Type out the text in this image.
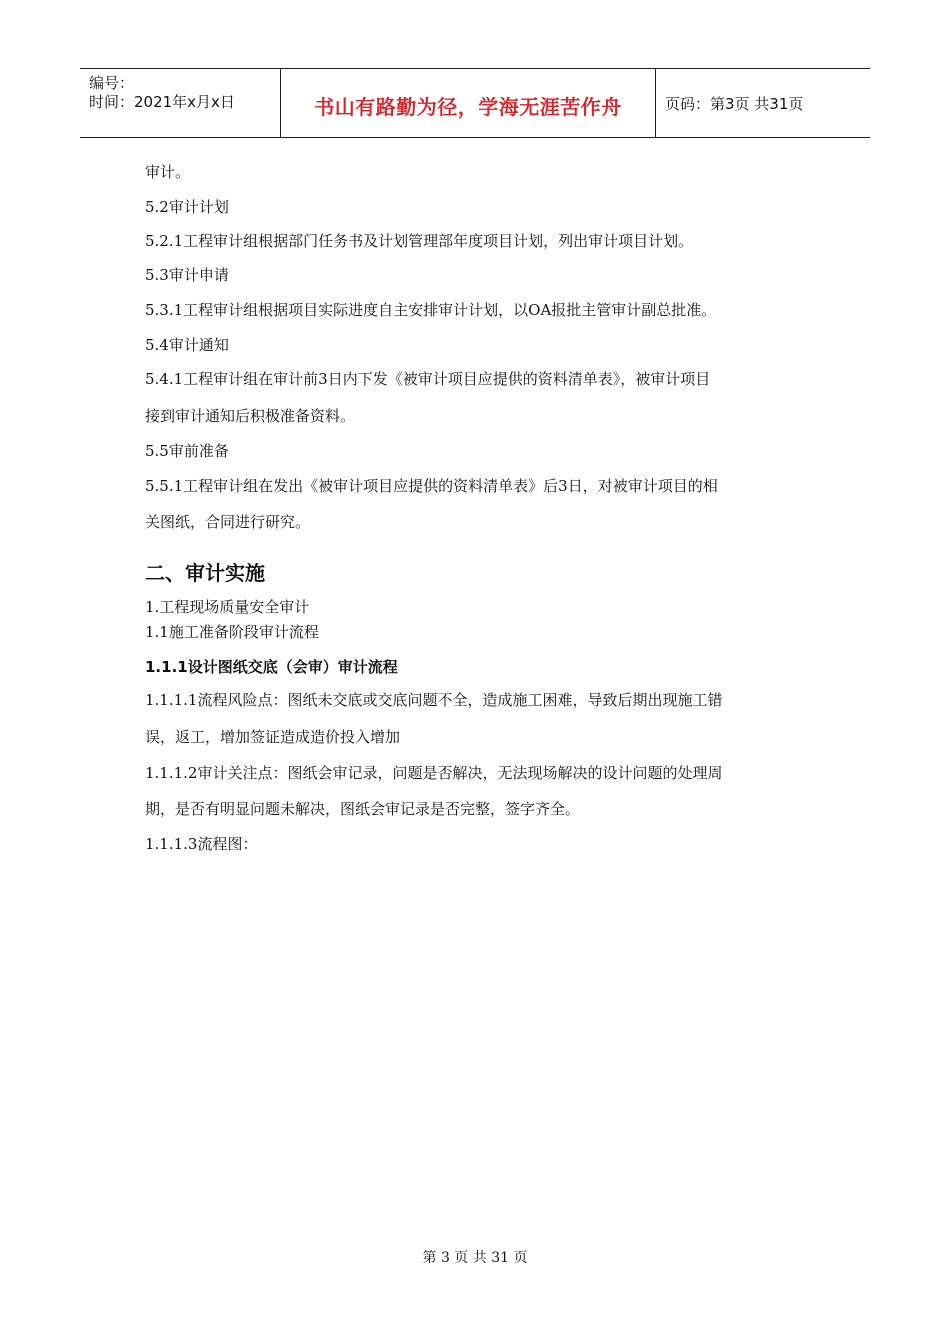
编号：
时间：2021年x月x日	书山有路勤为径，学海无涯苦作舟	页码：第3页 共31页
审计。
5.2审计计划
5.2.1工程审计组根据部门任务书及计划管理部年度项目计划，列出审计项目计划。
5.3审计申请
5.3.1工程审计组根据项目实际进度自主安排审计计划，以OA报批主管审计副总批准。
5.4审计通知
5.4.1工程审计组在审计前3日内下发《被审计项目应提供的资料清单表》，被审计项目
接到审计通知后积极准备资料。
5.5审前准备
5.5.1工程审计组在发出《被审计项目应提供的资料清单表》后3日，对被审计项目的相
关图纸，合同进行研究。
二、审计实施
1.工程现场质量安全审计
1.1施工准备阶段审计流程
1.1.1设计图纸交底（会审）审计流程
1.1.1.1流程风险点：图纸未交底或交底问题不全，造成施工困难，导致后期出现施工错
误，返工，增加签证造成造价投入增加
1.1.1.2审计关注点：图纸会审记录，问题是否解决，无法现场解决的设计问题的处理周
期，是否有明显问题未解决，图纸会审记录是否完整，签字齐全。
1.1.1.3流程图：
第 3 页 共 31 页
